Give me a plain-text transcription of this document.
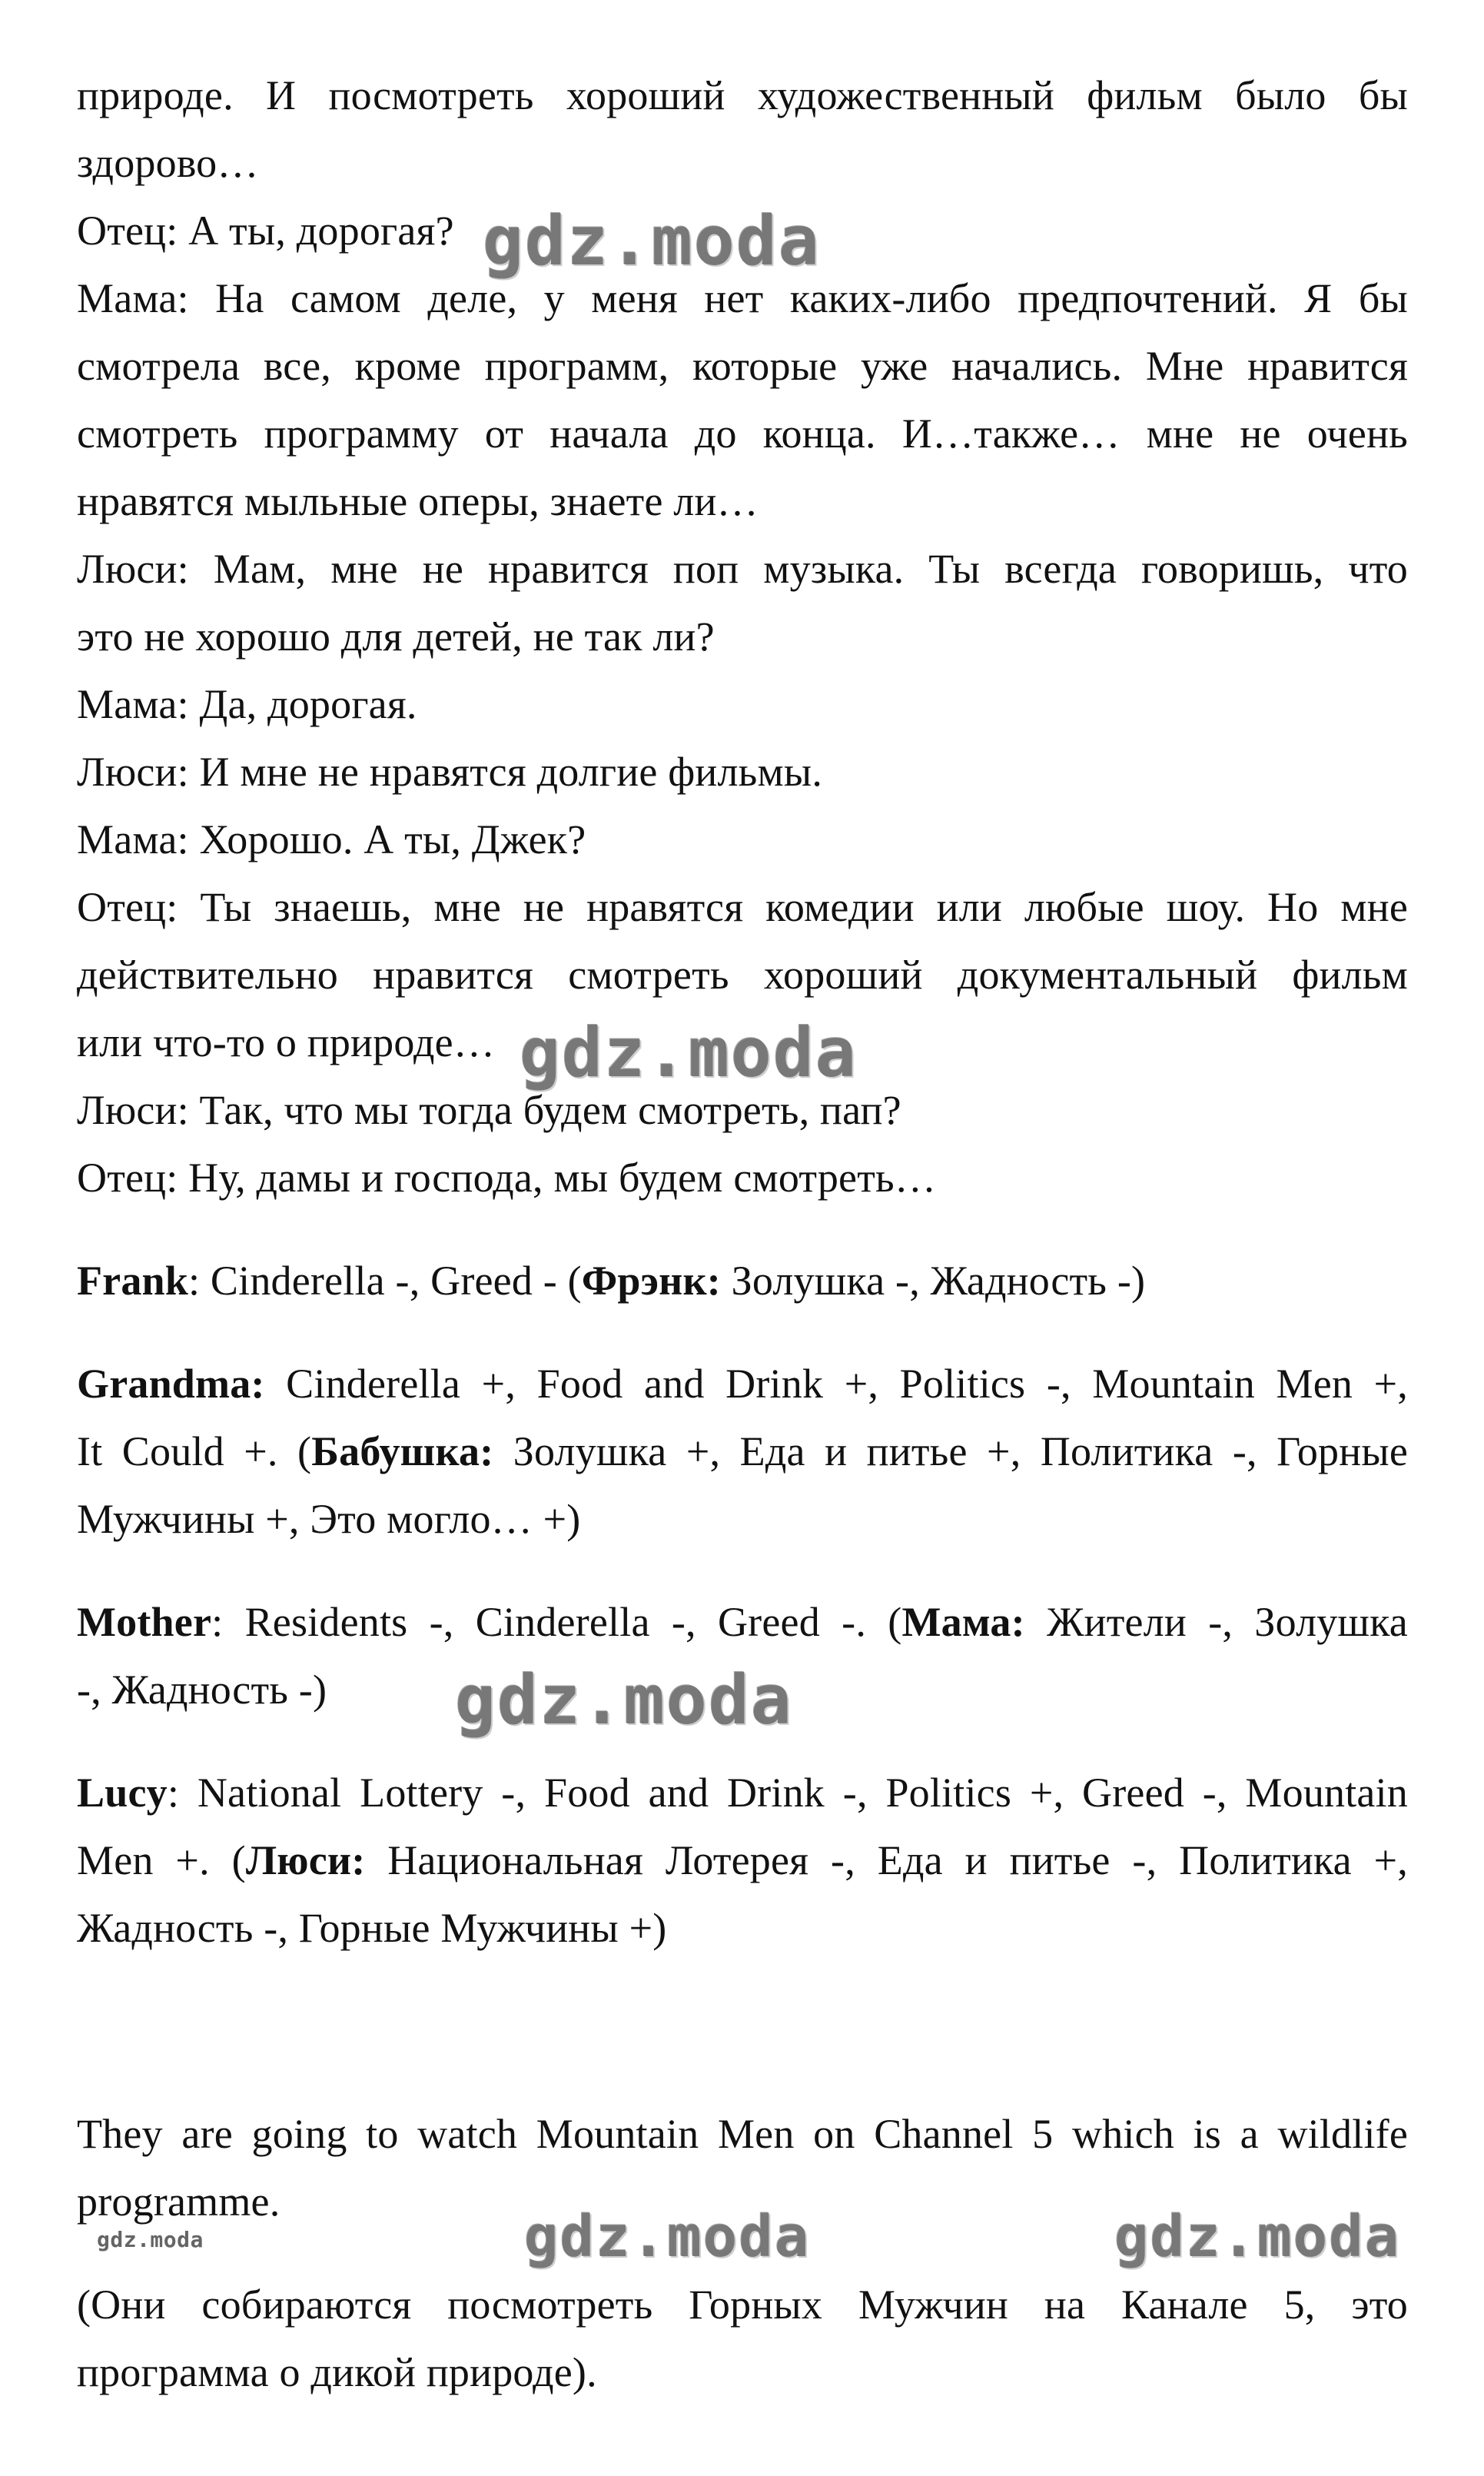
природе. И посмотреть хороший художественный фильм было бы
здорово…
Отец: А ты, дорогая?
Мама: На самом деле, у меня нет каких-либо предпочтений. Я бы
смотрела все, кроме программ, которые уже начались. Мне нравится
смотреть программу от начала до конца. И…также… мне не очень
нравятся мыльные оперы, знаете ли…
Люси: Мам, мне не нравится поп музыка. Ты всегда говоришь, что
это не хорошо для детей, не так ли?
Мама: Да, дорогая.
Люси: И мне не нравятся долгие фильмы.
Мама: Хорошо. А ты, Джек?
Отец: Ты знаешь, мне не нравятся комедии или любые шоу. Но мне
действительно нравится смотреть хороший документальный фильм
или что-то о природе…
Люси: Так, что мы тогда будем смотреть, пап?
Отец: Ну, дамы и господа, мы будем смотреть…
Frank: Cinderella -, Greed - (Фрэнк: Золушка -, Жадность -)
Grandma: Cinderella +, Food and Drink +, Politics -, Mountain Men +,
It Could +. (Бабушка: Золушка +, Еда и питье +, Политика -, Горные
Мужчины +, Это могло… +)
Mother: Residents -, Cinderella -, Greed -. (Мама: Жители -, Золушка
-, Жадность -)
Lucy: National Lottery -, Food and Drink -, Politics +, Greed -, Mountain
Men +. (Люси: Национальная Лотерея -, Еда и питье -, Политика +,
Жадность -, Горные Мужчины +)
They are going to watch Mountain Men on Channel 5 which is a wildlife
programme.
(Они собираются посмотреть Горных Мужчин на Канале 5, это
программа о дикой природе).
gdz.moda
gdz.moda
gdz.moda
gdz.moda	gdz.moda
gdz.moda
